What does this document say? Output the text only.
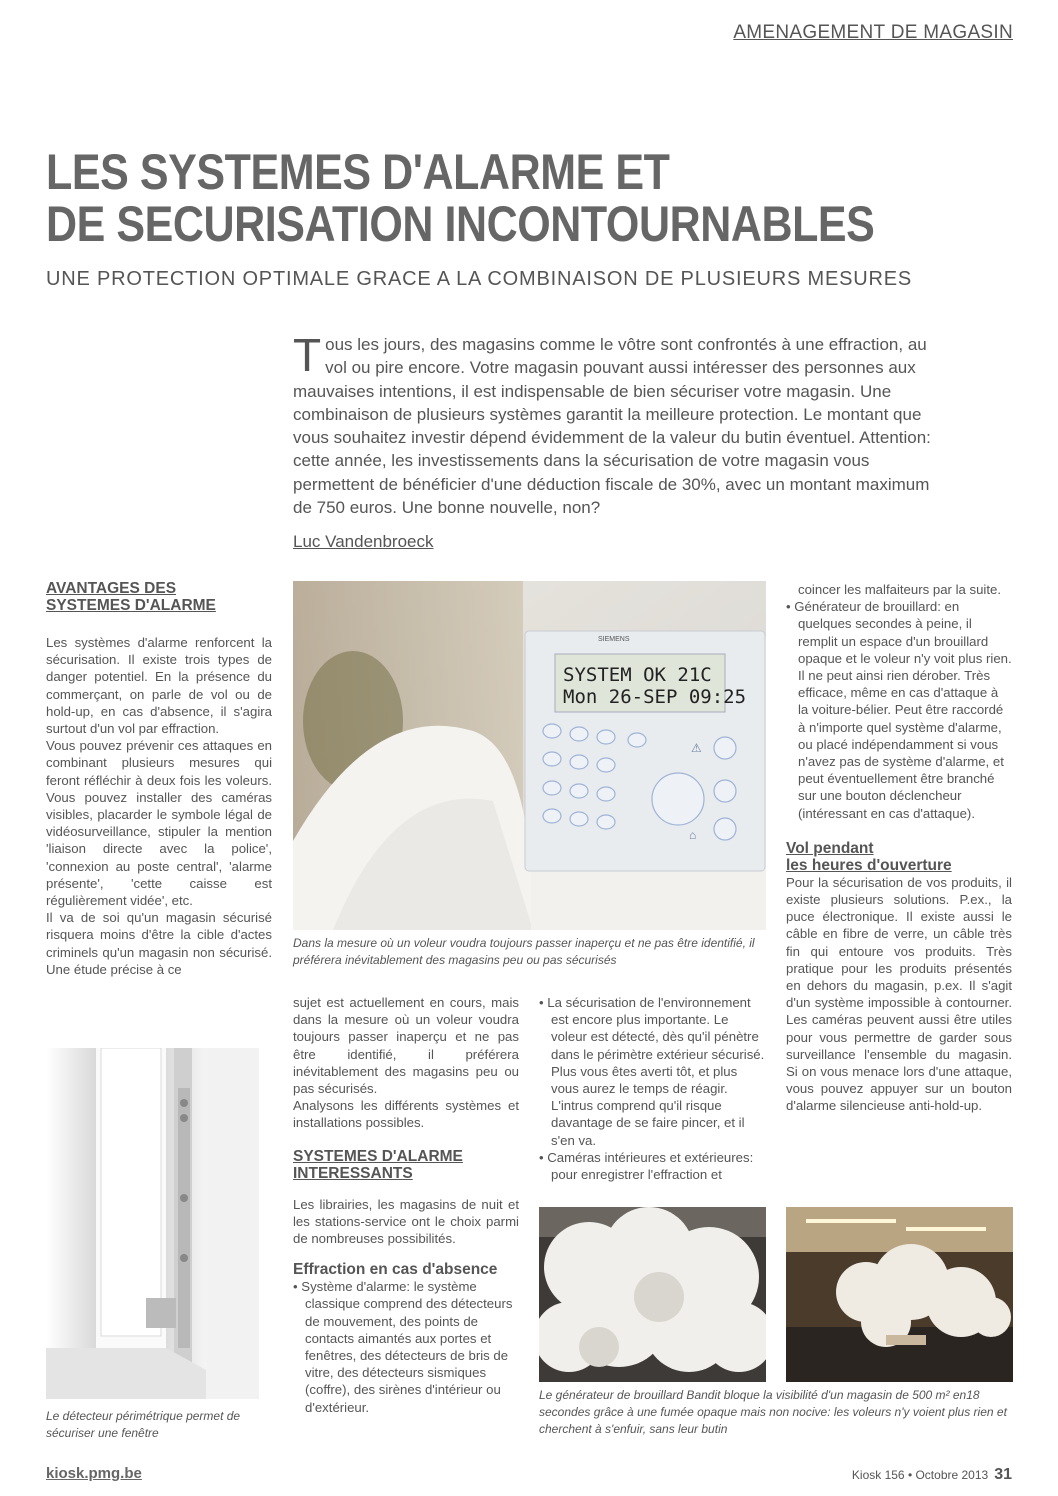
AMENAGEMENT DE MAGASIN
LES SYSTEMES D'ALARME ET
DE SECURISATION INCONTOURNABLES
UNE PROTECTION OPTIMALE GRACE A LA COMBINAISON DE PLUSIEURS MESURES
Tous les jours, des magasins comme le vôtre sont confrontés à une effraction, au vol ou pire encore. Votre magasin pouvant aussi intéresser des personnes aux mauvaises intentions, il est indispensable de bien sécuriser votre magasin. Une combinaison de plusieurs systèmes garantit la meilleure protection. Le montant que vous souhaitez investir dépend évidemment de la valeur du butin éventuel. Attention: cette année, les investissements dans la sécurisation de votre magasin vous permettent de bénéficier d'une déduction fiscale de 30%, avec un montant maximum de 750 euros. Une bonne nouvelle, non?
Luc Vandenbroeck
AVANTAGES DES
SYSTEMES D'ALARME

Les systèmes d'alarme renforcent la sécurisation. Il existe trois types de danger potentiel. En la présence du commerçant, on parle de vol ou de hold-up, en cas d'absence, il s'agira surtout d'un vol par effraction.

Vous pouvez prévenir ces attaques en combinant plusieurs mesures qui feront réfléchir à deux fois les voleurs. Vous pouvez installer des caméras visibles, placarder le symbole légal de vidéosurveillance, stipuler la mention 'liaison directe avec la police', 'connexion au poste central', 'alarme présente', 'cette caisse est régulièrement vidée', etc.

Il va de soi qu'un magasin sécurisé risquera moins d'être la cible d'actes criminels qu'un magasin non sécurisé. Une étude précise à ce

Le détecteur périmétrique permet de sécuriser une fenêtre
SIEMENS
SYSTEM OK 21C
Mon 26-SEP 09:25
⚠
⌂
Dans la mesure où un voleur voudra toujours passer inaperçu et ne pas être identifié, il préférera inévitablement des magasins peu ou pas sécurisés

sujet est actuellement en cours, mais dans la mesure où un voleur voudra toujours passer inaperçu et ne pas être identifié, il préférera inévitablement des magasins peu ou pas sécurisés.

Analysons les différents systèmes et installations possibles.

SYSTEMES D'ALARME
INTERESSANTS

Les librairies, les magasins de nuit et les stations-service ont le choix parmi de nombreuses possibilités.

Effraction en cas d'absence

• Système d'alarme: le système classique comprend des détecteurs de mouvement, des points de contacts aimantés aux portes et fenêtres, des détecteurs de bris de vitre, des détecteurs sismiques (coffre), des sirènes d'intérieur ou d'extérieur.

• La sécurisation de l'environnement est encore plus importante. Le voleur est détecté, dès qu'il pénètre dans le périmètre extérieur sécurisé. Plus vous êtes averti tôt, et plus vous aurez le temps de réagir. L'intrus comprend qu'il risque davantage de se faire pincer, et il s'en va.

• Caméras intérieures et extérieures: pour enregistrer l'effraction et

coincer les malfaiteurs par la suite.

• Générateur de brouillard: en quelques secondes à peine, il remplit un espace d'un brouillard opaque et le voleur n'y voit plus rien. Il ne peut ainsi rien dérober. Très efficace, même en cas d'attaque à la voiture-bélier. Peut être raccordé à n'importe quel système d'alarme, ou placé indépendamment si vous n'avez pas de système d'alarme, et peut éventuellement être branché sur une bouton déclencheur (intéressant en cas d'attaque).

Vol pendant
les heures d'ouverture

Pour la sécurisation de vos produits, il existe plusieurs solutions. P.ex., la puce électronique. Il existe aussi le câble en fibre de verre, un câble très fin qui entoure vos produits. Très pratique pour les produits présentés en dehors du magasin, p.ex. Il s'agit d'un système impossible à contourner. Les caméras peuvent aussi être utiles pour vous permettre de garder sous surveillance l'ensemble du magasin. Si on vous menace lors d'une attaque, vous pouvez appuyer sur un bouton d'alarme silencieuse anti-hold-up.

Le générateur de brouillard Bandit bloque la visibilité d'un magasin de 500 m² en18 secondes grâce à une fumée opaque mais non nocive: les voleurs n'y voient plus rien et cherchent à s'enfuir, sans leur butin
kiosk.pmg.be	Kiosk 156 • Octobre 2013 31
